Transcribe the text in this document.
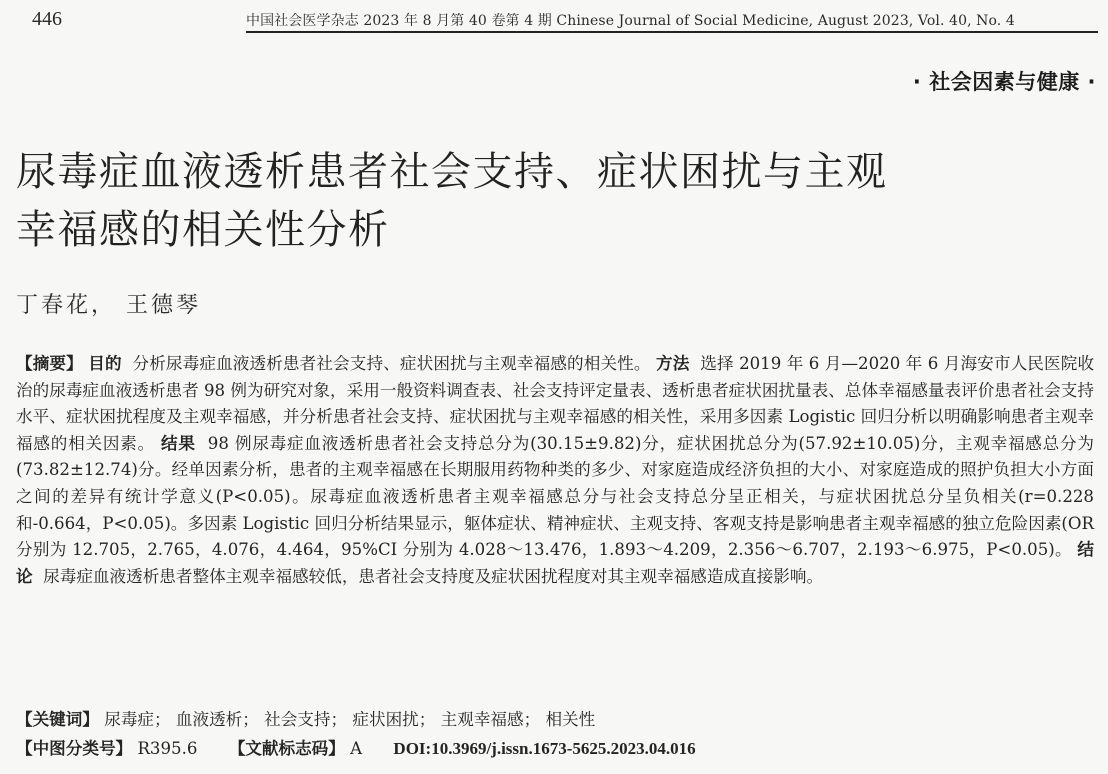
446	中国社会医学杂志 2023 年 8 月第 40 卷第 4 期 Chinese Journal of Social Medicine, August 2023, Vol. 40, No. 4
· 社会因素与健康 ·
尿毒症血液透析患者社会支持、症状困扰与主观
幸福感的相关性分析
丁春花， 王德琴

【摘要】 目的 分析尿毒症血液透析患者社会支持、症状困扰与主观幸福感的相关性。 方法 选择 2019 年 6 月—2020 年 6 月海安市人民医院收治的尿毒症血液透析患者 98 例为研究对象，采用一般资料调查表、社会支持评定量表、透析患者症状困扰量表、总体幸福感量表评价患者社会支持水平、症状困扰程度及主观幸福感，并分析患者社会支持、症状困扰与主观幸福感的相关性，采用多因素 Logistic 回归分析以明确影响患者主观幸福感的相关因素。 结果 98 例尿毒症血液透析患者社会支持总分为(30.15±9.82)分，症状困扰总分为(57.92±10.05)分，主观幸福感总分为(73.82±12.74)分。经单因素分析，患者的主观幸福感在长期服用药物种类的多少、对家庭造成经济负担的大小、对家庭造成的照护负担大小方面之间的差异有统计学意义(P<0.05)。尿毒症血液透析患者主观幸福感总分与社会支持总分呈正相关，与症状困扰总分呈负相关(r=0.228 和-0.664，P<0.05)。多因素 Logistic 回归分析结果显示，躯体症状、精神症状、主观支持、客观支持是影响患者主观幸福感的独立危险因素(OR 分别为 12.705，2.765，4.076，4.464，95%CI 分别为 4.028～13.476，1.893～4.209，2.356～6.707，2.193～6.975，P<0.05)。 结论 尿毒症血液透析患者整体主观幸福感较低，患者社会支持度及症状困扰程度对其主观幸福感造成直接影响。

【关键词】 尿毒症； 血液透析； 社会支持； 症状困扰； 主观幸福感； 相关性
【中图分类号】 R395.6 【文献标志码】 A DOI:10.3969/j.issn.1673-5625.2023.04.016
